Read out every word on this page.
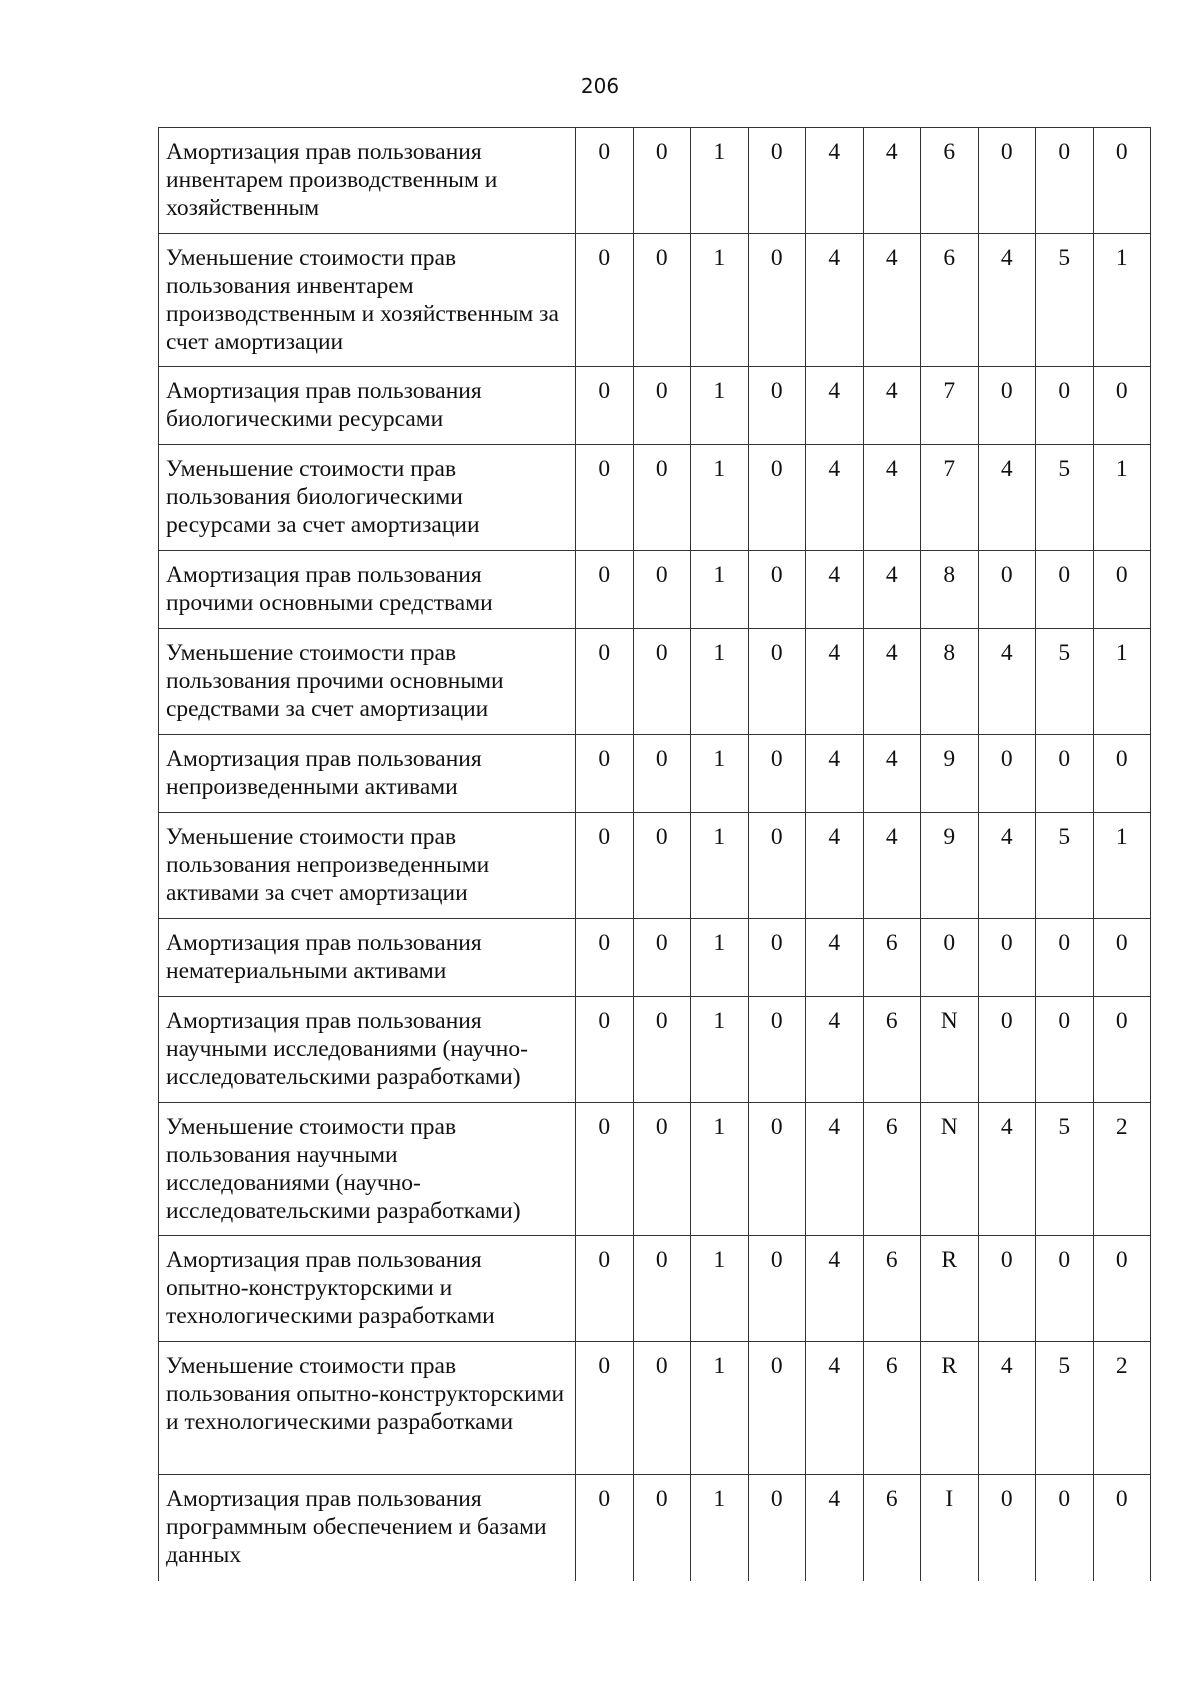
206
Амортизация прав пользования инвентарем производственным и хозяйственным	0	0	1	0	4	4	6	0	0	0
Уменьшение стоимости прав пользования инвентарем производственным и хозяйственным за счет амортизации	0	0	1	0	4	4	6	4	5	1
Амортизация прав пользования биологическими ресурсами	0	0	1	0	4	4	7	0	0	0
Уменьшение стоимости прав пользования биологическими ресурсами за счет амортизации	0	0	1	0	4	4	7	4	5	1
Амортизация прав пользования прочими основными средствами	0	0	1	0	4	4	8	0	0	0
Уменьшение стоимости прав пользования прочими основными средствами за счет амортизации	0	0	1	0	4	4	8	4	5	1
Амортизация прав пользования непроизведенными активами	0	0	1	0	4	4	9	0	0	0
Уменьшение стоимости прав пользования непроизведенными активами за счет амортизации	0	0	1	0	4	4	9	4	5	1
Амортизация прав пользования нематериальными активами	0	0	1	0	4	6	0	0	0	0
Амортизация прав пользования научными исследованиями (научно-исследовательскими разработками)	0	0	1	0	4	6	N	0	0	0
Уменьшение стоимости прав пользования научными исследованиями (научно-исследовательскими разработками)	0	0	1	0	4	6	N	4	5	2
Амортизация прав пользования опытно-конструкторскими и технологическими разработками	0	0	1	0	4	6	R	0	0	0
Уменьшение стоимости прав пользования опытно-конструкторскими и технологическими разработками	0	0	1	0	4	6	R	4	5	2
Амортизация прав пользования программным обеспечением и базами данных	0	0	1	0	4	6	I	0	0	0
